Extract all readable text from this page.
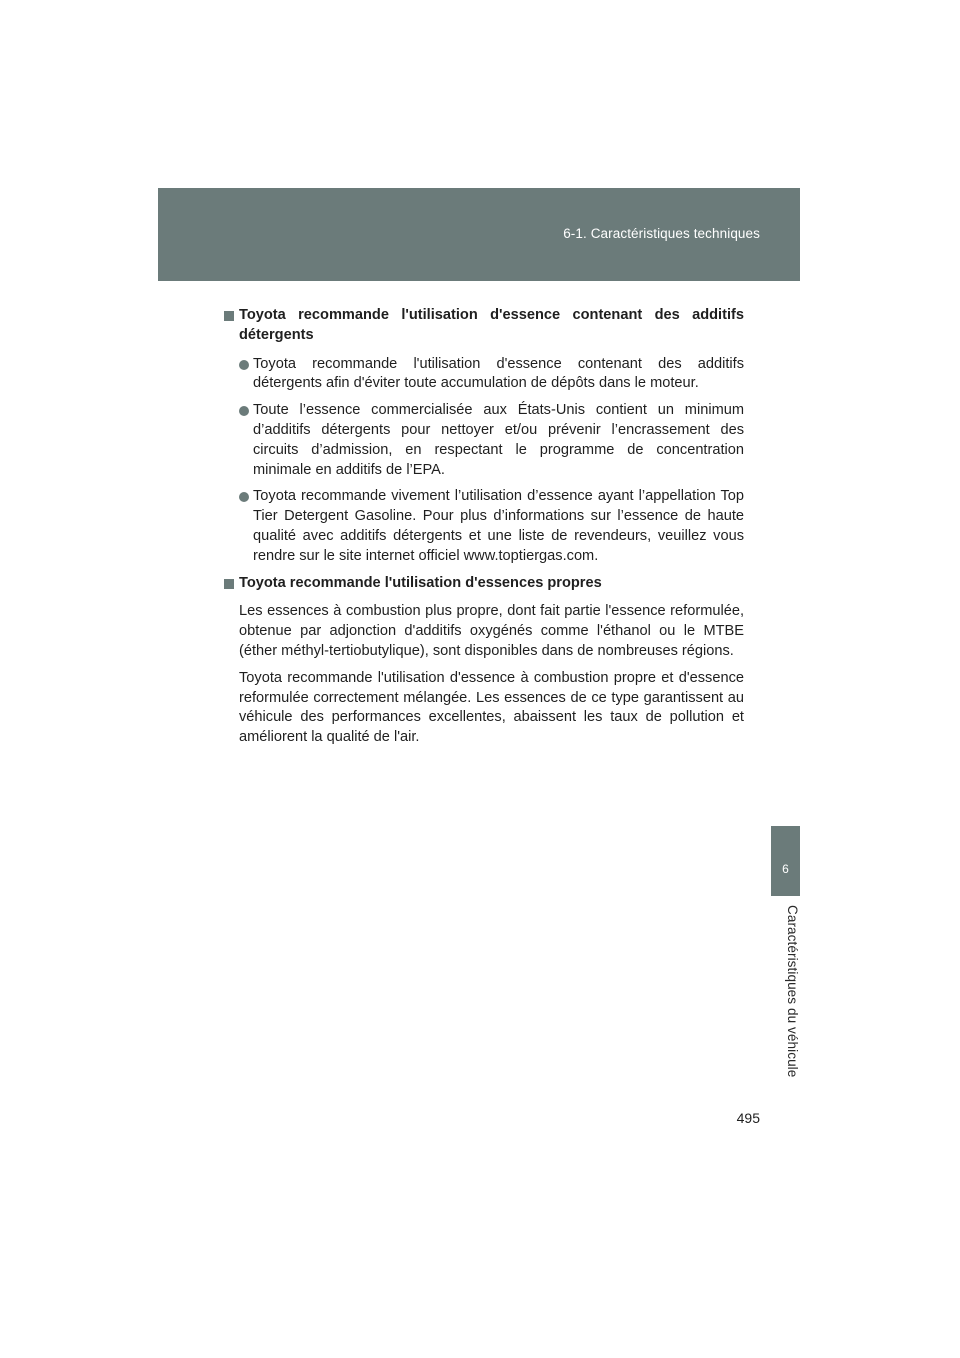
6-1. Caractéristiques techniques
6
Caractéristiques du véhicule
Toyota recommande l'utilisation d'essence contenant des additifs détergents
Toyota recommande l'utilisation d'essence contenant des additifs détergents afin d'éviter toute accumulation de dépôts dans le moteur.
Toute l’essence commercialisée aux États-Unis contient un minimum d’additifs détergents pour nettoyer et/ou prévenir l’encrassement des circuits d’admission, en respectant le programme de concentration minimale en additifs de l’EPA.
Toyota recommande vivement l’utilisation d’essence ayant l’appellation Top Tier Detergent Gasoline. Pour plus d’informations sur l’essence de haute qualité avec additifs détergents et une liste de revendeurs, veuillez vous rendre sur le site internet officiel www.toptiergas.com.
Toyota recommande l'utilisation d'essences propres

Les essences à combustion plus propre, dont fait partie l'essence reformulée, obtenue par adjonction d'additifs oxygénés comme l'éthanol ou le MTBE (éther méthyl-tertiobutylique), sont disponibles dans de nombreuses régions.

Toyota recommande l'utilisation d'essence à combustion propre et d'essence reformulée correctement mélangée. Les essences de ce type garantissent au véhicule des performances excellentes, abaissent les taux de pollution et améliorent la qualité de l'air.

495
